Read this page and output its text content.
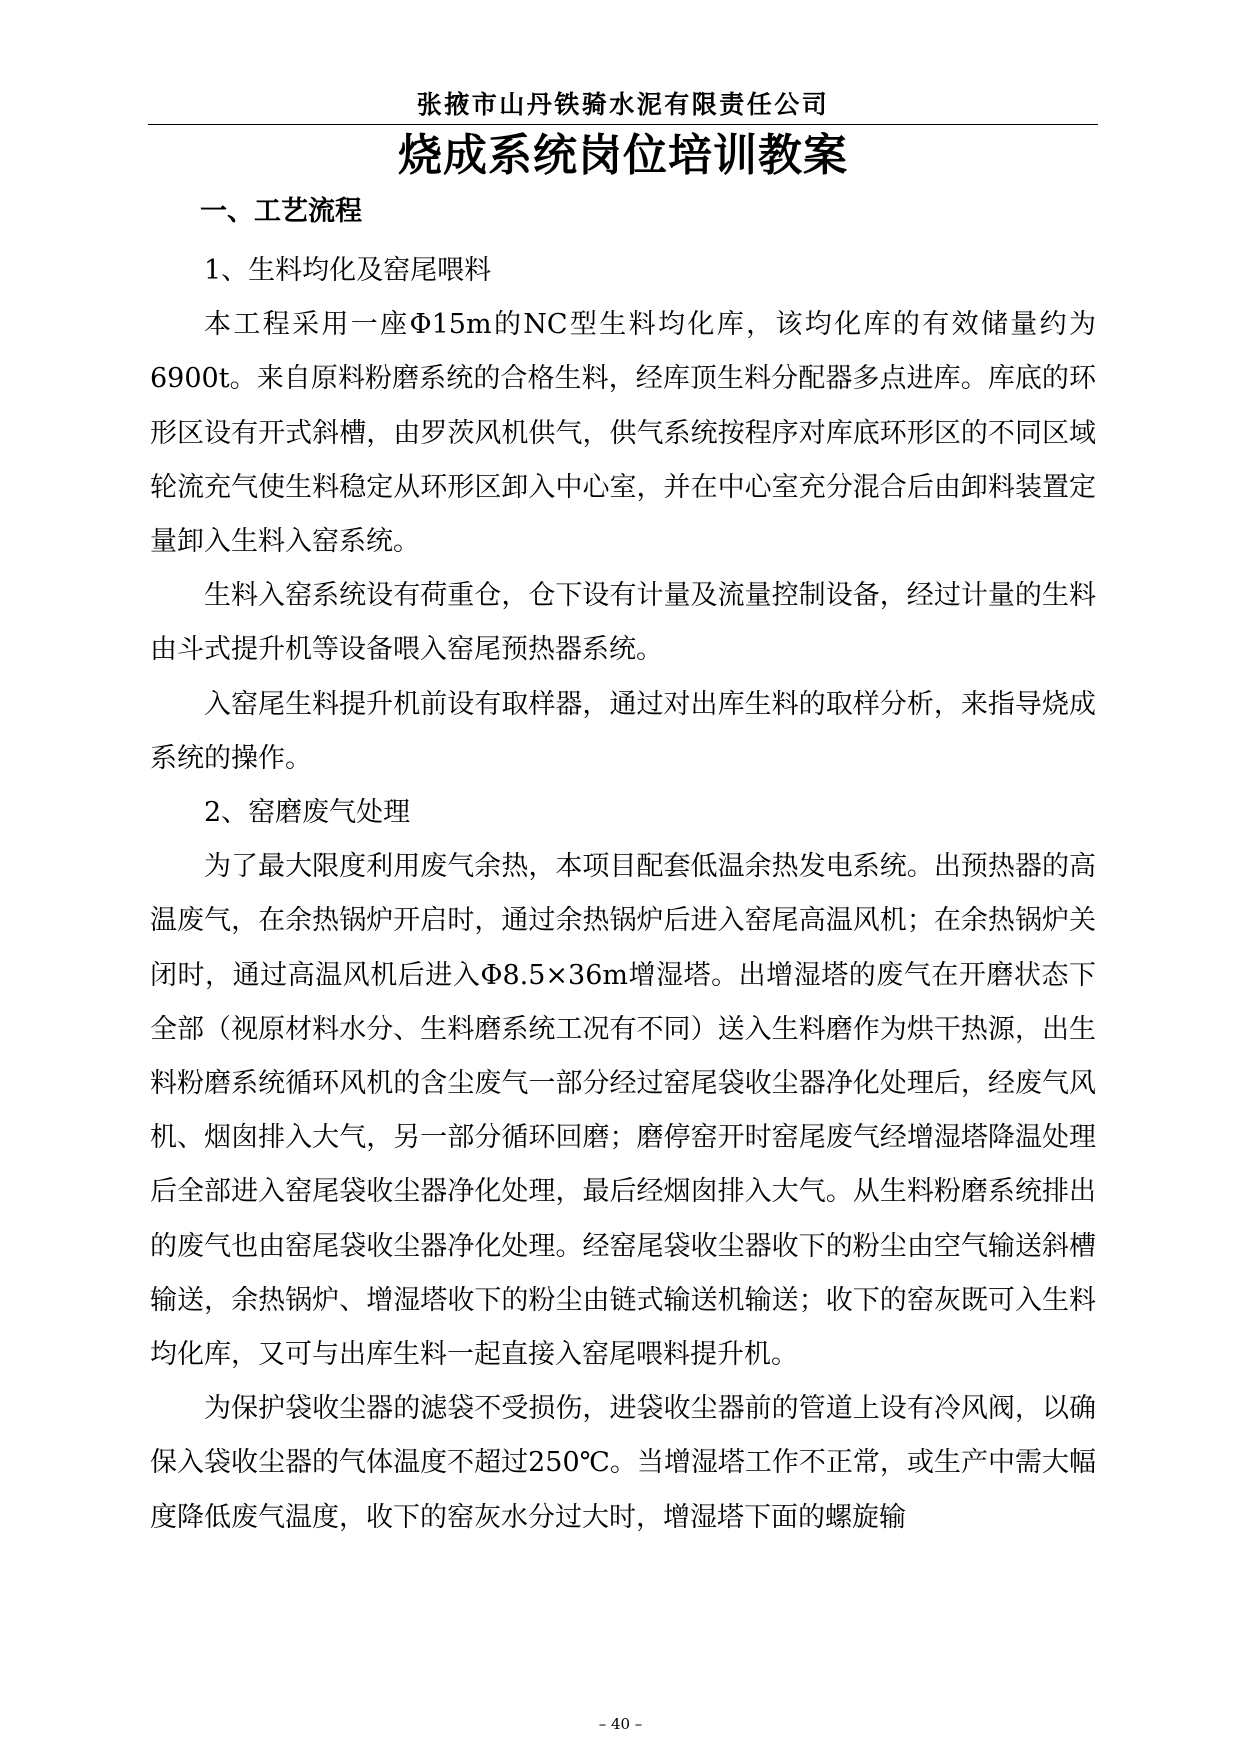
张掖市山丹铁骑水泥有限责任公司
烧成系统岗位培训教案
一、工艺流程

1、生料均化及窑尾喂料

本工程采用一座Φ15m的NC型生料均化库，该均化库的有效储量约为6900t。来自原料粉磨系统的合格生料，经库顶生料分配器多点进库。库底的环形区设有开式斜槽，由罗茨风机供气，供气系统按程序对库底环形区的不同区域轮流充气使生料稳定从环形区卸入中心室，并在中心室充分混合后由卸料装置定量卸入生料入窑系统。

生料入窑系统设有荷重仓，仓下设有计量及流量控制设备，经过计量的生料由斗式提升机等设备喂入窑尾预热器系统。

入窑尾生料提升机前设有取样器，通过对出库生料的取样分析，来指导烧成系统的操作。

2、窑磨废气处理

为了最大限度利用废气余热，本项目配套低温余热发电系统。出预热器的高温废气，在余热锅炉开启时，通过余热锅炉后进入窑尾高温风机；在余热锅炉关闭时，通过高温风机后进入Φ8.5×36m增湿塔。出增湿塔的废气在开磨状态下全部（视原材料水分、生料磨系统工况有不同）送入生料磨作为烘干热源，出生料粉磨系统循环风机的含尘废气一部分经过窑尾袋收尘器净化处理后，经废气风机、烟囱排入大气，另一部分循环回磨；磨停窑开时窑尾废气经增湿塔降温处理后全部进入窑尾袋收尘器净化处理，最后经烟囱排入大气。从生料粉磨系统排出的废气也由窑尾袋收尘器净化处理。经窑尾袋收尘器收下的粉尘由空气输送斜槽输送，余热锅炉、增湿塔收下的粉尘由链式输送机输送；收下的窑灰既可入生料均化库，又可与出库生料一起直接入窑尾喂料提升机。

为保护袋收尘器的滤袋不受损伤，进袋收尘器前的管道上设有冷风阀，以确保入袋收尘器的气体温度不超过250℃。当增湿塔工作不正常，或生产中需大幅度降低废气温度，收下的窑灰水分过大时，增湿塔下面的螺旋输

– 40 –
